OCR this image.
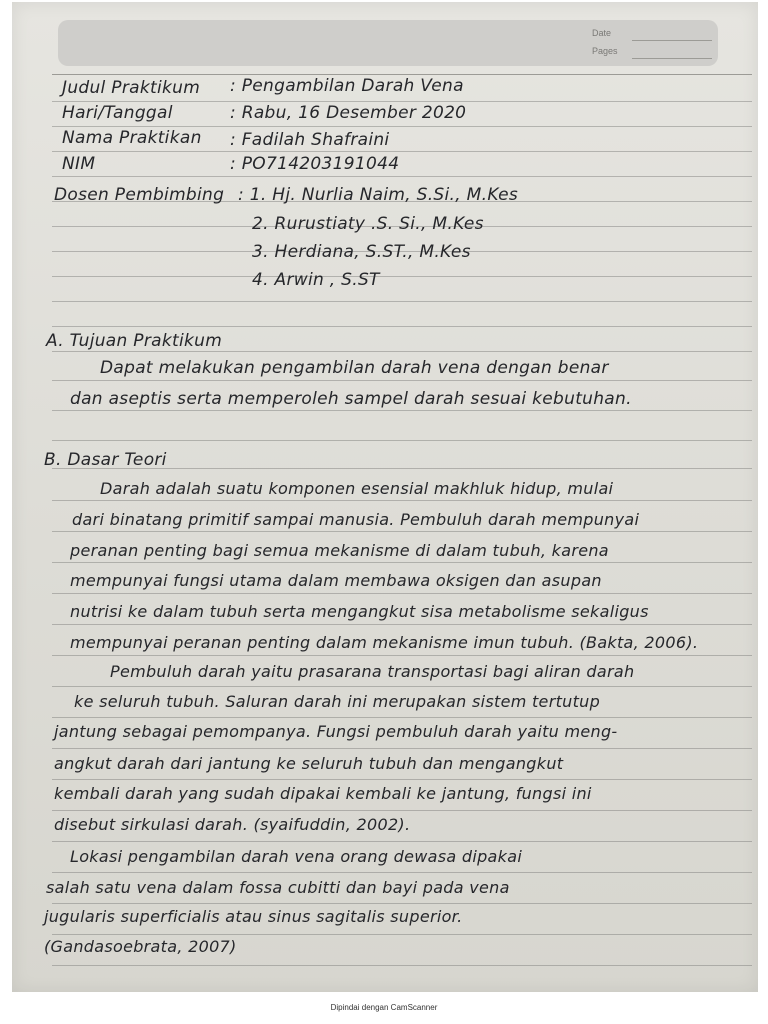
Date
Pages
Judul Praktikum : Pengambilan Darah Vena
Hari/Tanggal	: Rabu, 16 Desember 2020
Nama Praktikan : Fadilah Shafraini
NIM	: PO714203191044
Dosen Pembimbing : 1. Hj. Nurlia Naim, S.Si., M.Kes
2. Rurustiaty .S. Si., M.Kes
3. Herdiana, S.ST., M.Kes
4. Arwin , S.ST
A. Tujuan Praktikum
Dapat melakukan pengambilan darah vena dengan benar
dan aseptis serta memperoleh sampel darah sesuai kebutuhan.
B. Dasar Teori
Darah adalah suatu komponen esensial makhluk hidup, mulai
dari binatang primitif sampai manusia. Pembuluh darah mempunyai
peranan penting bagi semua mekanisme di dalam tubuh, karena
mempunyai fungsi utama dalam membawa oksigen dan asupan
nutrisi ke dalam tubuh serta mengangkut sisa metabolisme sekaligus
mempunyai peranan penting dalam mekanisme imun tubuh. (Bakta, 2006).
Pembuluh darah yaitu prasarana transportasi bagi aliran darah
ke seluruh tubuh. Saluran darah ini merupakan sistem tertutup
jantung sebagai pemompanya. Fungsi pembuluh darah yaitu meng-
angkut darah dari jantung ke seluruh tubuh dan mengangkut
kembali darah yang sudah dipakai kembali ke jantung, fungsi ini
disebut sirkulasi darah. (syaifuddin, 2002).
Lokasi pengambilan darah vena orang dewasa dipakai
salah satu vena dalam fossa cubitti dan bayi pada vena
jugularis superficialis atau sinus sagitalis superior.
(Gandasoebrata, 2007)
Dipindai dengan CamScanner
